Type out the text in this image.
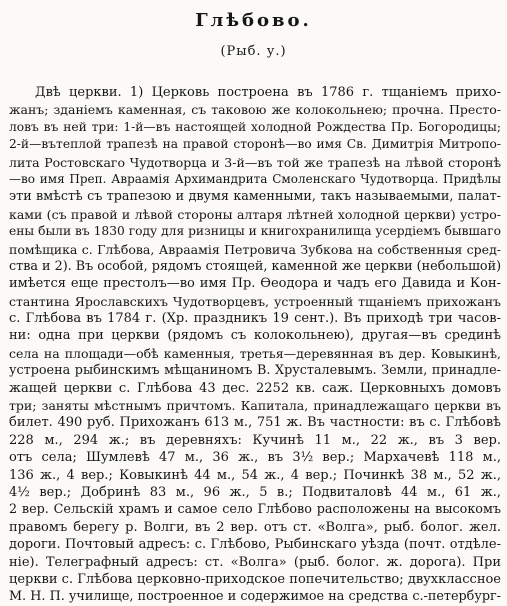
Глѣбово.
(Рыб. у.)
Двѣ церкви. 1) Церковь построена въ 1786 г. тщаніемъ прихо-
жанъ; зданіемъ каменная, съ таковою же колокольнею; прочна. Престо-
ловъ въ ней три: 1-й—въ настоящей холодной Рождества Пр. Богородицы;
2-й—вътеплой трапезѣ на правой сторонѣ—во имя Св. Димитрія Митропо-
лита Ростовскаго Чудотворца и 3-й—въ той же трапезѣ на лѣвой сторонѣ
—во имя Преп. Авраамія Архимандрита Смоленскаго Чудотворца. Придѣлы
эти вмѣстѣ съ трапезою и двумя каменными, такъ называемыми, палат-
ками (съ правой и лѣвой стороны алтаря лѣтней холодной церкви) устро-
ены были въ 1830 году для ризницы и книгохранилища усердіемъ бывшаго
помѣщика с. Глѣбова, Авраамія Петровича Зубкова на собственныя сред-
ства и 2). Въ особой, рядомъ стоящей, каменной же церкви (небольшой)
имѣется еще престолъ—во имя Пр. Ѳеодора и чадъ его Давида и Кон-
стантина Ярославскихъ Чудотворцевъ, устроенный тщаніемъ прихожанъ
с. Глѣбова въ 1784 г. (Хр. праздникъ 19 сент.). Въ приходѣ три часов-
ни: одна при церкви (рядомъ съ колокольнею), другая—въ срединѣ
села на площади—обѣ каменныя, третья—деревянная въ дер. Ковыкинѣ,
устроена рыбинскимъ мѣщаниномъ В. Хрусталевымъ. Земли, принадле-
жащей церкви с. Глѣбова 43 дес. 2252 кв. саж. Церковныхъ домовъ
три; заняты мѣстнымъ причтомъ. Капитала, принадлежащаго церкви въ
билет. 490 руб. Прихожанъ 613 м., 751 ж. Въ частности: въ с. Глѣбовѣ
228 м., 294 ж.; въ деревняхъ: Кучинѣ 11 м., 22 ж., въ 3 вер.
отъ села; Шумлевѣ 47 м., 36 ж., въ 3½ вер.; Мархачевѣ 118 м.,
136 ж., 4 вер.; Ковыкинѣ 44 м., 54 ж., 4 вер.; Починкѣ 38 м., 52 ж.,
4½ вер.; Добринѣ 83 м., 96 ж., 5 в.; Подвиталовѣ 44 м., 61 ж.,
2 вер. Сельскій храмъ и самое село Глѣбово расположены на высокомъ
правомъ берегу р. Волги, въ 2 вер. отъ ст. «Волга», рыб. болог. жел.
дороги. Почтовый адресъ: с. Глѣбово, Рыбинскаго уѣзда (почт. отдѣле-
ніе). Телеграфный адресъ: ст. «Волга» (рыб. болог. ж. дорога). При
церкви с. Глѣбова церковно-приходское попечительство; двухклассное
М. Н. П. училище, построенное и содержимое на средства с.-петербург-
